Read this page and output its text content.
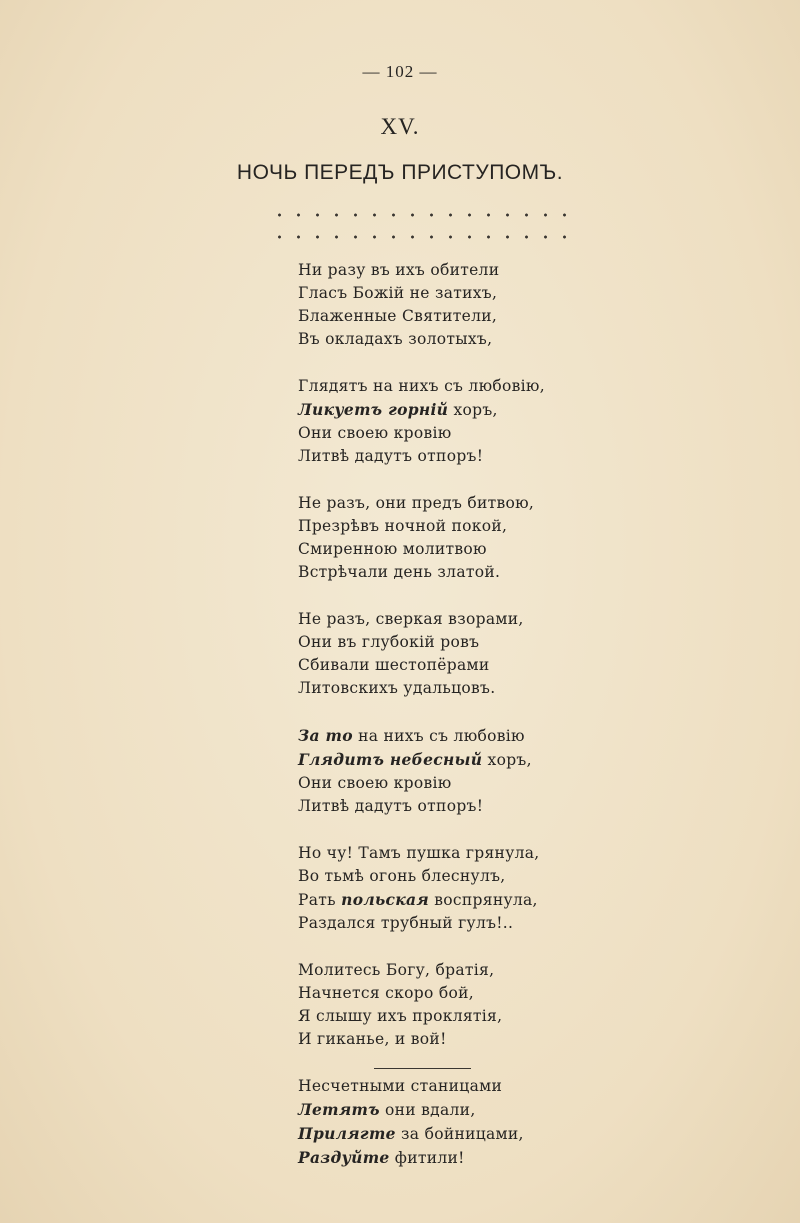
— 102 —
XV.
НОЧЬ ПЕРЕДЪ ПРИСТУПОМЪ.
Ни разу въ ихъ обители
Гласъ Божій не затихъ,
Блаженные Святители,
Въ окладахъ золотыхъ,
Глядятъ на нихъ съ любовію,
Ликуетъ горній хоръ,
Они своею кровію
Литвѣ дадутъ отпоръ!
Не разъ, они предъ битвою,
Презрѣвъ ночной покой,
Смиренною молитвою
Встрѣчали день златой.
Не разъ, сверкая взорами,
Они въ глубокій ровъ
Сбивали шестопёрами
Литовскихъ удальцовъ.
За то на нихъ съ любовію
Глядитъ небесный хоръ,
Они своею кровію
Литвѣ дадутъ отпоръ!
Но чу! Тамъ пушка грянула,
Во тьмѣ огонь блеснулъ,
Рать польская воспрянула,
Раздался трубный гулъ!..
Молитесь Богу, братія,
Начнется скоро бой,
Я слышу ихъ проклятія,
И гиканье, и вой!
Несчетными станицами
Летятъ они вдали,
Прилягте за бойницами,
Раздуйте фитили!
